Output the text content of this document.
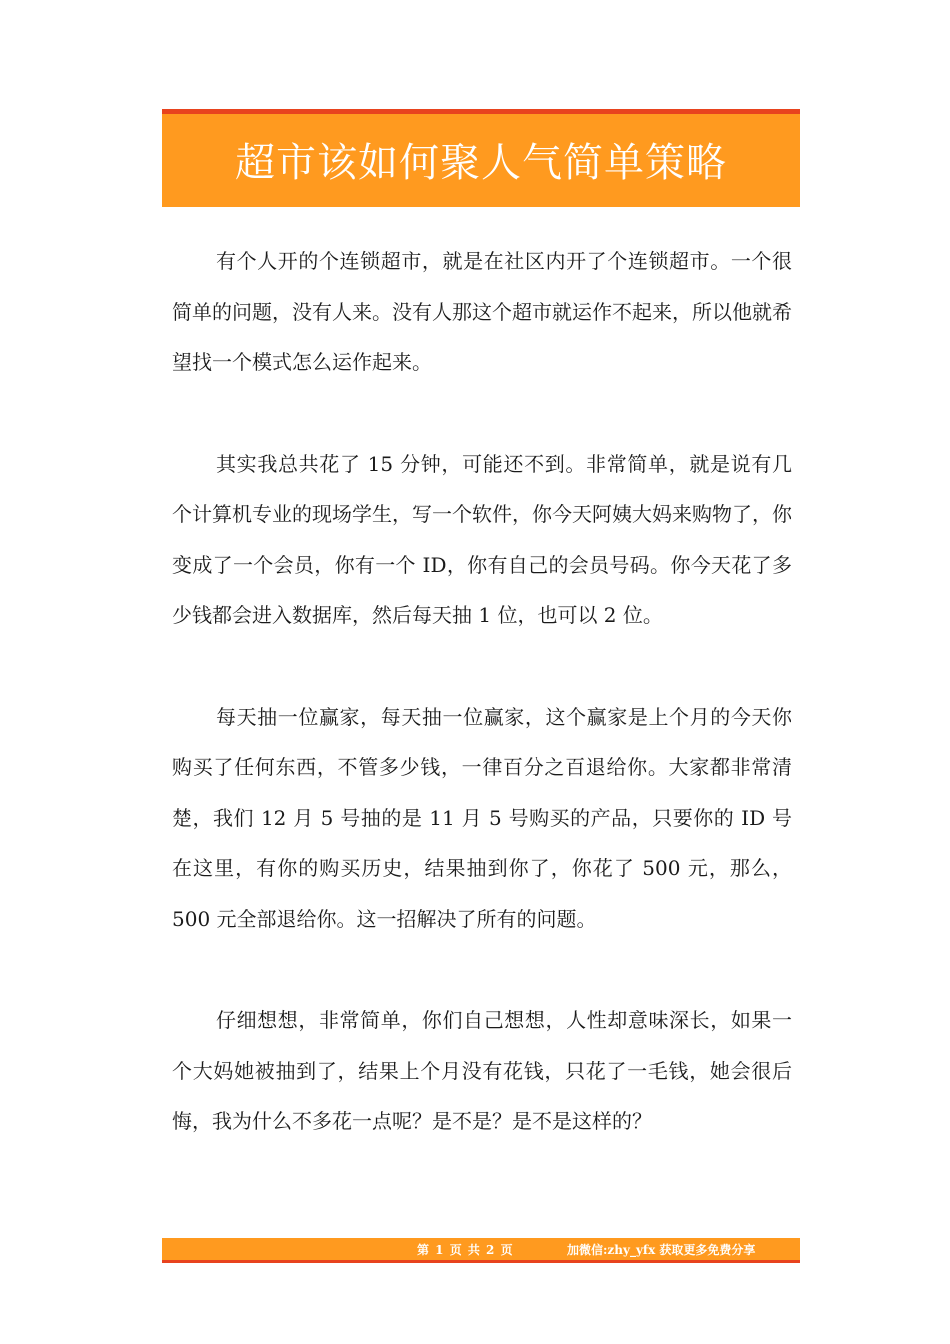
超市该如何聚人气简单策略

有个人开的个连锁超市，就是在社区内开了个连锁超市。一个很简单的问题，没有人来。没有人那这个超市就运作不起来，所以他就希望找一个模式怎么运作起来。

其实我总共花了 15 分钟，可能还不到。非常简单，就是说有几个计算机专业的现场学生，写一个软件，你今天阿姨大妈来购物了，你变成了一个会员，你有一个 ID，你有自己的会员号码。你今天花了多少钱都会进入数据库，然后每天抽 1 位，也可以 2 位。

每天抽一位赢家，每天抽一位赢家，这个赢家是上个月的今天你购买了任何东西，不管多少钱，一律百分之百退给你。大家都非常清楚，我们 12 月 5 号抽的是 11 月 5 号购买的产品，只要你的 ID 号在这里，有你的购买历史，结果抽到你了，你花了 500 元，那么，500 元全部退给你。这一招解决了所有的问题。

仔细想想，非常简单，你们自己想想，人性却意味深长，如果一个大妈她被抽到了，结果上个月没有花钱，只花了一毛钱，她会很后悔，我为什么不多花一点呢？是不是？是不是这样的？

第 1 页 共 2 页	加微信:zhy_yfx 获取更多免费分享
